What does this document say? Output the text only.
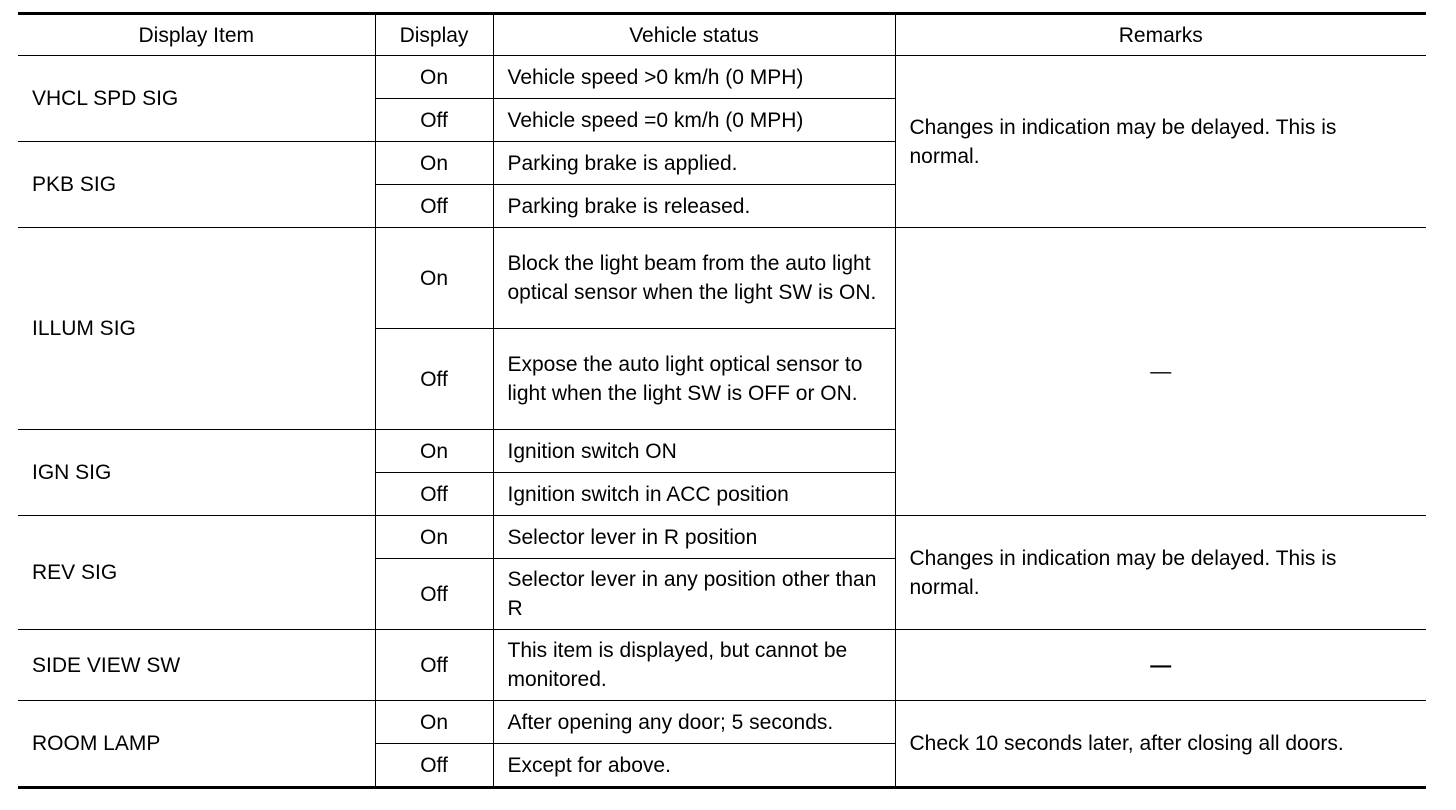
Display Item	Display	Vehicle status	Remarks
VHCL SPD SIG	On	Vehicle speed >0 km/h (0 MPH)	Changes in indication may be delayed. This is normal.
	Off	Vehicle speed =0 km/h (0 MPH)	
PKB SIG	On	Parking brake is applied.	
	Off	Parking brake is released.	
ILLUM SIG	On	Block the light beam from the auto light optical sensor when the light SW is ON.	—
	Off	Expose the auto light optical sensor to light when the light SW is OFF or ON.	
IGN SIG	On	Ignition switch ON	
	Off	Ignition switch in ACC position	
REV SIG	On	Selector lever in R position	Changes in indication may be delayed. This is normal.
	Off	Selector lever in any position other than R	
SIDE VIEW SW	Off	This item is displayed, but cannot be monitored.	—
ROOM LAMP	On	After opening any door; 5 seconds.	Check 10 seconds later, after closing all doors.
	Off	Except for above.	
